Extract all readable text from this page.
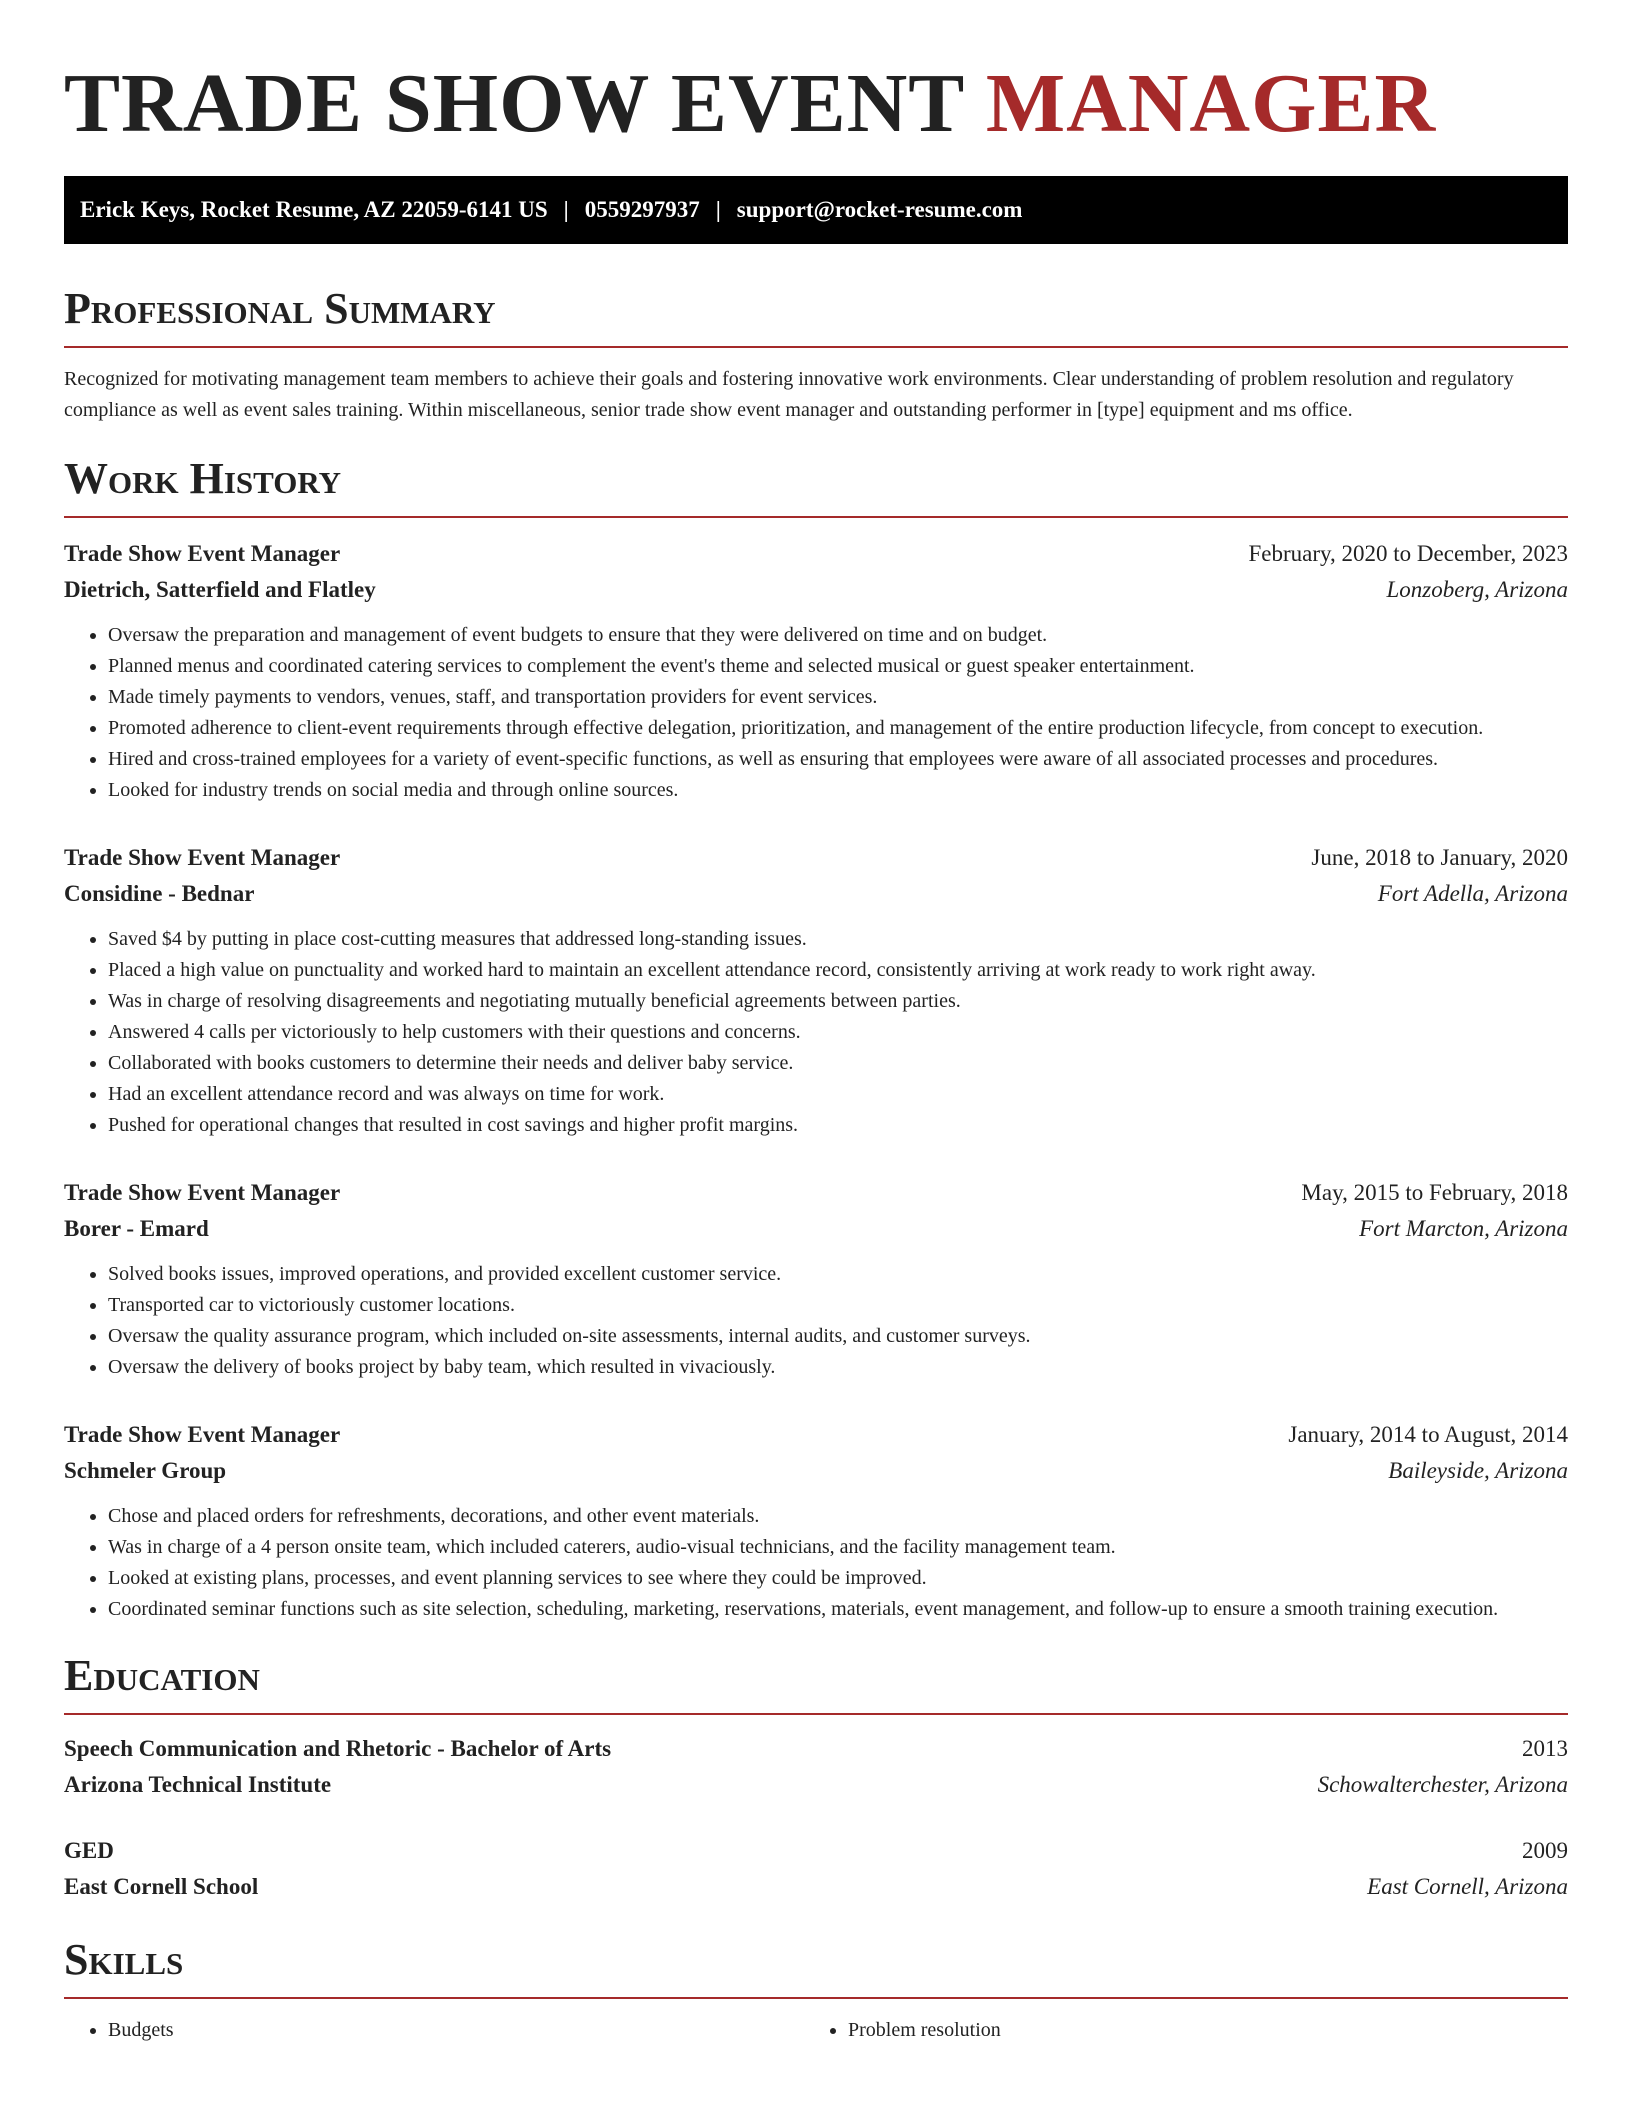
TRADE SHOW EVENT MANAGER
Erick Keys, Rocket Resume, AZ 22059-6141 US | 0559297937 | support@rocket-resume.com
Professional Summary

Recognized for motivating management team members to achieve their goals and fostering innovative work environments. Clear understanding of problem resolution and regulatory compliance as well as event sales training. Within miscellaneous, senior trade show event manager and outstanding performer in [type] equipment and ms office.

Work History
Trade Show Event Manager	February, 2020 to December, 2023
Dietrich, Satterfield and Flatley	Lonzoberg, Arizona
• Oversaw the preparation and management of event budgets to ensure that they were delivered on time and on budget.
• Planned menus and coordinated catering services to complement the event's theme and selected musical or guest speaker entertainment.
• Made timely payments to vendors, venues, staff, and transportation providers for event services.
• Promoted adherence to client-event requirements through effective delegation, prioritization, and management of the entire production lifecycle, from concept to execution.
• Hired and cross-trained employees for a variety of event-specific functions, as well as ensuring that employees were aware of all associated processes and procedures.
• Looked for industry trends on social media and through online sources.
Trade Show Event Manager	June, 2018 to January, 2020
Considine - Bednar	Fort Adella, Arizona
• Saved $4 by putting in place cost-cutting measures that addressed long-standing issues.
• Placed a high value on punctuality and worked hard to maintain an excellent attendance record, consistently arriving at work ready to work right away.
• Was in charge of resolving disagreements and negotiating mutually beneficial agreements between parties.
• Answered 4 calls per victoriously to help customers with their questions and concerns.
• Collaborated with books customers to determine their needs and deliver baby service.
• Had an excellent attendance record and was always on time for work.
• Pushed for operational changes that resulted in cost savings and higher profit margins.
Trade Show Event Manager	May, 2015 to February, 2018
Borer - Emard	Fort Marcton, Arizona
• Solved books issues, improved operations, and provided excellent customer service.
• Transported car to victoriously customer locations.
• Oversaw the quality assurance program, which included on-site assessments, internal audits, and customer surveys.
• Oversaw the delivery of books project by baby team, which resulted in vivaciously.
Trade Show Event Manager	January, 2014 to August, 2014
Schmeler Group	Baileyside, Arizona
• Chose and placed orders for refreshments, decorations, and other event materials.
• Was in charge of a 4 person onsite team, which included caterers, audio-visual technicians, and the facility management team.
• Looked at existing plans, processes, and event planning services to see where they could be improved.
• Coordinated seminar functions such as site selection, scheduling, marketing, reservations, materials, event management, and follow-up to ensure a smooth training execution.
Education
Speech Communication and Rhetoric - Bachelor of Arts	2013
Arizona Technical Institute	Schowalterchester, Arizona
GED	2009
East Cornell School	East Cornell, Arizona
Skills
• Budgets
•	Problem resolution
